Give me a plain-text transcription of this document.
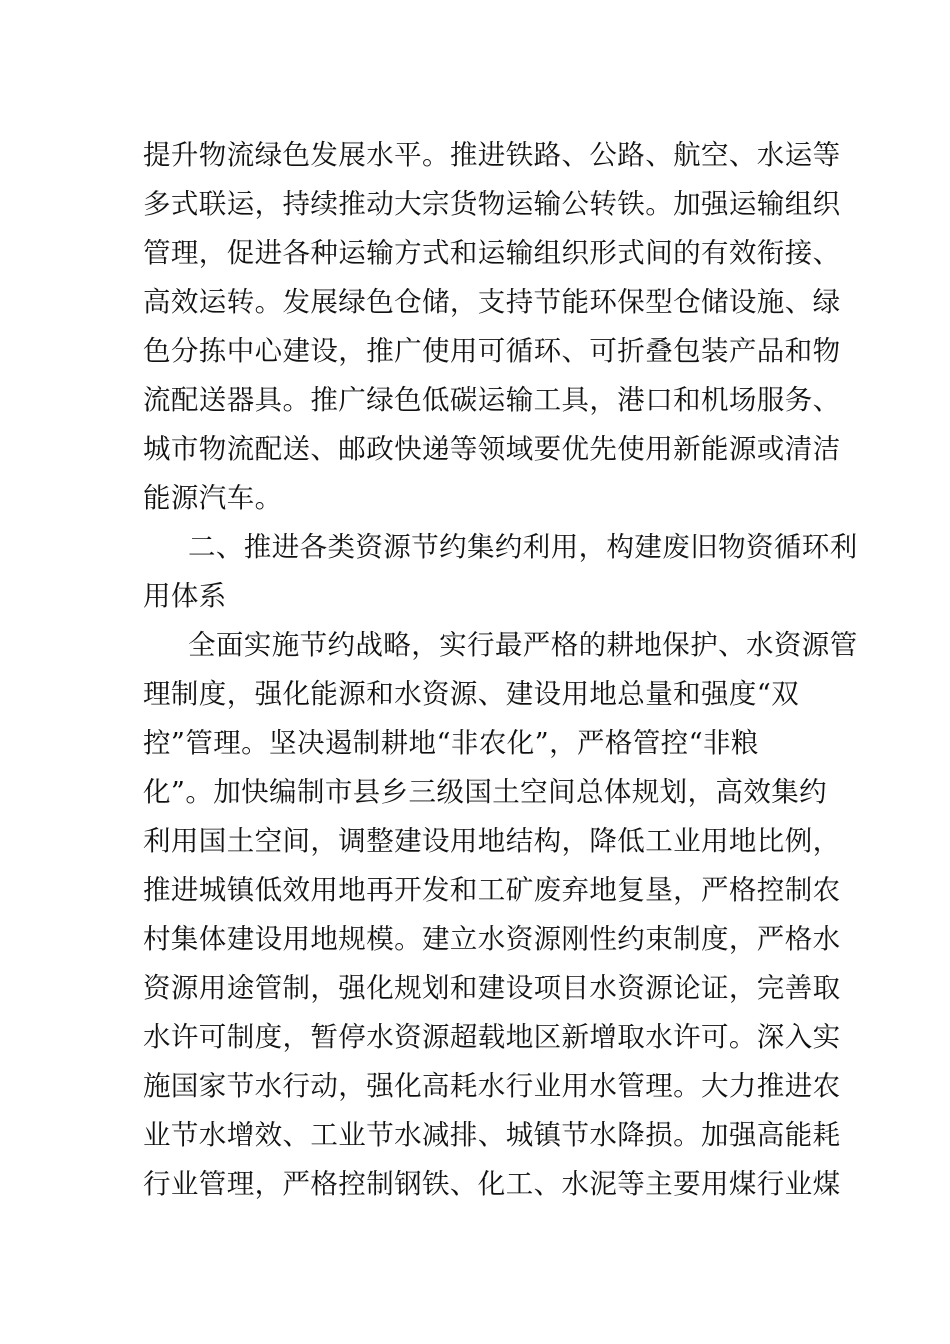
提升物流绿色发展水平。推进铁路、公路、航空、水运等
多式联运，持续推动大宗货物运输公转铁。加强运输组织
管理，促进各种运输方式和运输组织形式间的有效衔接、
高效运转。发展绿色仓储，支持节能环保型仓储设施、绿
色分拣中心建设，推广使用可循环、可折叠包装产品和物
流配送器具。推广绿色低碳运输工具，港口和机场服务、
城市物流配送、邮政快递等领域要优先使用新能源或清洁
能源汽车。
二、推进各类资源节约集约利用，构建废旧物资循环利
用体系
全面实施节约战略，实行最严格的耕地保护、水资源管
理制度，强化能源和水资源、建设用地总量和强度“双
控”管理。坚决遏制耕地“非农化”，严格管控“非粮
化”。加快编制市县乡三级国土空间总体规划，高效集约
利用国土空间，调整建设用地结构，降低工业用地比例，
推进城镇低效用地再开发和工矿废弃地复垦，严格控制农
村集体建设用地规模。建立水资源刚性约束制度，严格水
资源用途管制，强化规划和建设项目水资源论证，完善取
水许可制度，暂停水资源超载地区新增取水许可。深入实
施国家节水行动，强化高耗水行业用水管理。大力推进农
业节水增效、工业节水减排、城镇节水降损。加强高能耗
行业管理，严格控制钢铁、化工、水泥等主要用煤行业煤
